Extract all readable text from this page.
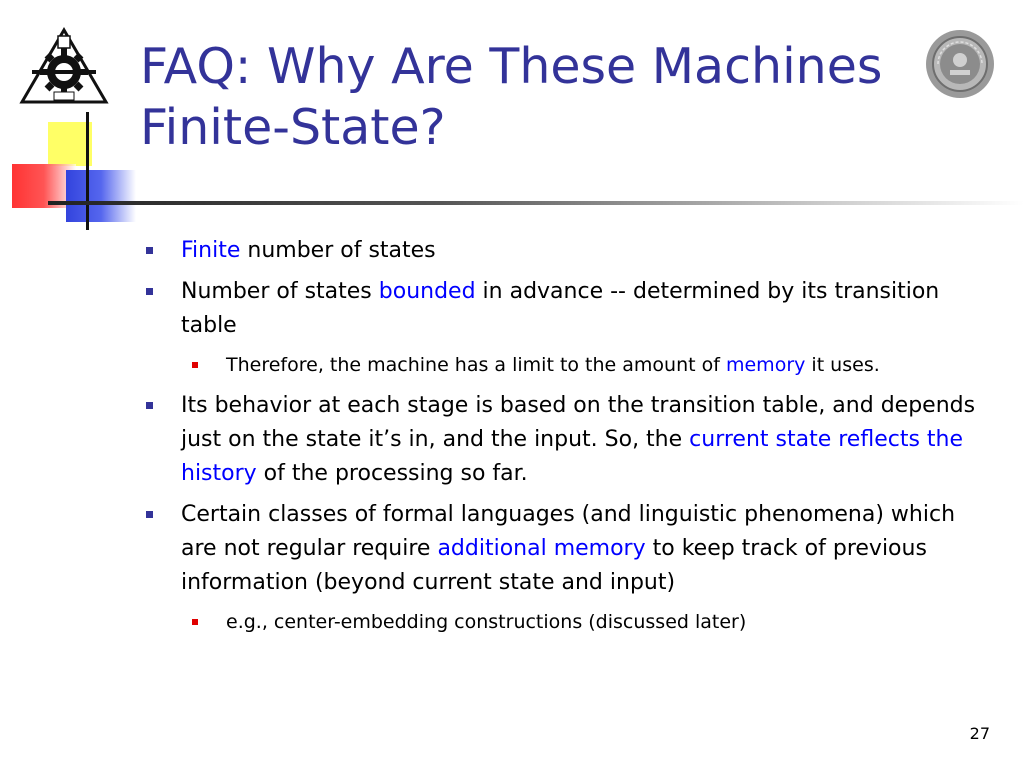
FAQ: Why Are These Machines
Finite-State?
Finite number of states
Number of states bounded in advance -- determined by its transition table
Therefore, the machine has a limit to the amount of memory it uses.
Its behavior at each stage is based on the transition table, and depends just on the state it’s in, and the input. So, the current state reflects the history of the processing so far.
Certain classes of formal languages (and linguistic phenomena) which are not regular require additional memory to keep track of previous information (beyond current state and input)
e.g., center-embedding constructions (discussed later)
27
